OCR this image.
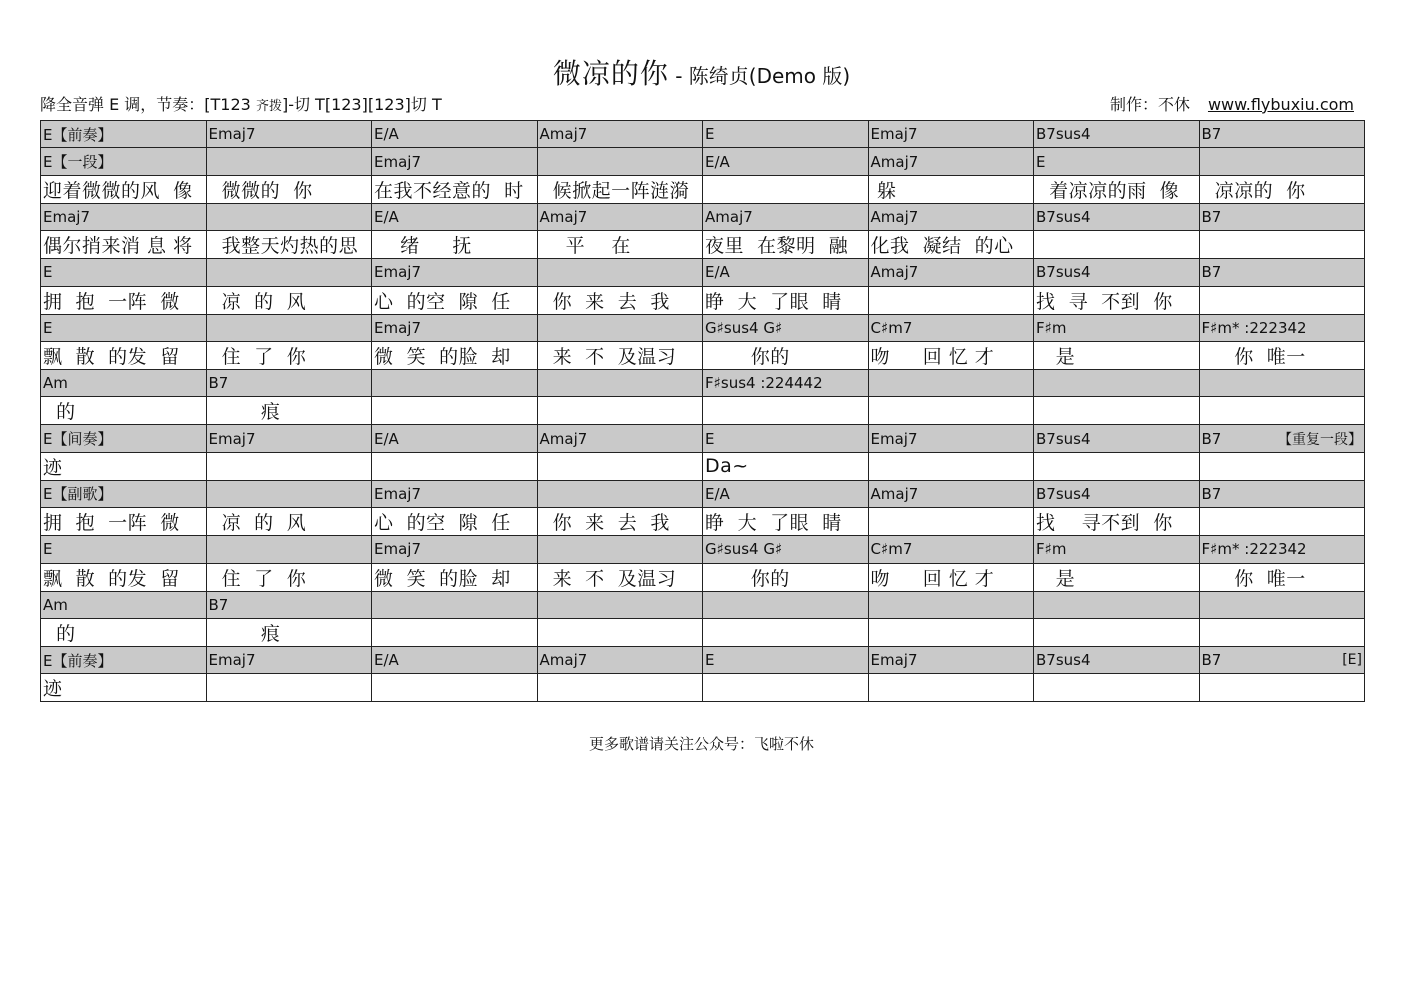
微凉的你 - 陈绮贞(Demo 版)
降全音弹 E 调，节奏：[T123 齐拨]-切 T[123][123]切 T	制作：不休 www.flybuxiu.com
E【前奏】	Emaj7	E/A	Amaj7	E	Emaj7	B7sus4	B7
E【一段】		Emaj7		E/A	Amaj7	E	

迎着微微的风  像	微微的  你	在我不经意的  时	候掀起一阵涟漪		躲	着凉凉的雨  像	凉凉的  你

Emaj7		E/A	Amaj7	Amaj7	Amaj7	B7sus4	B7

偶尔捎来消 息 将	我整天灼热的思	绪     抚	平    在	夜里  在黎明  融	化我  凝结  的心		

E		Emaj7		E/A	Amaj7	B7sus4	B7

拥  抱  一阵  微	凉  的  风	心  的空  隙  任	你  来  去  我	睁  大  了眼  睛		找  寻  不到  你	

E		Emaj7		G♯sus4 G♯	C♯m7	F♯m	F♯m* :222342

飘  散  的发  留	住  了  你	微  笑  的脸  却	来  不  及温习	你的	吻     回 忆 才	是	你  唯一

Am	B7			F♯sus4 :224442			

的	痕						

E【间奏】	Emaj7	E/A	Amaj7	E	Emaj7	B7sus4	B7 【重复一段】

迹				Da~			

E【副歌】		Emaj7		E/A	Amaj7	B7sus4	B7

拥  抱  一阵  微	凉  的  风	心  的空  隙  任	你  来  去  我	睁  大  了眼  睛		找    寻不到  你	

E		Emaj7		G♯sus4 G♯	C♯m7	F♯m	F♯m* :222342

飘  散  的发  留	住  了  你	微  笑  的脸  却	来  不  及温习	你的	吻     回 忆 才	是	你  唯一

Am	B7						

的	痕						

E【前奏】	Emaj7	E/A	Amaj7	E	Emaj7	B7sus4	B7 [E]

迹							

更多歌谱请关注公众号：飞啦不休
